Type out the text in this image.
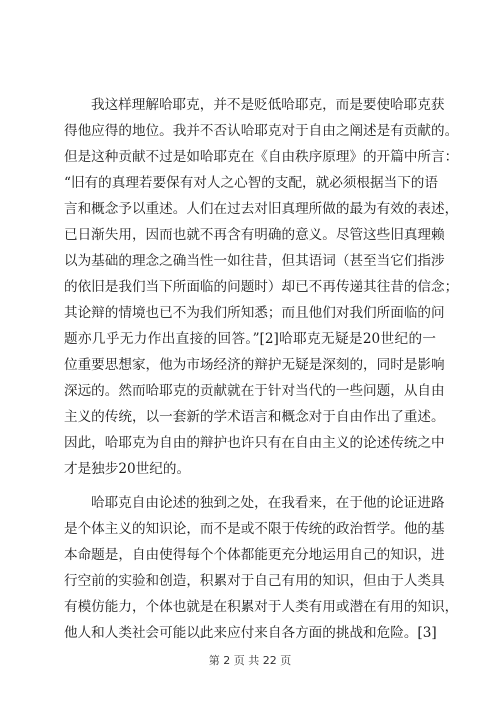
我这样理解哈耶克，并不是贬低哈耶克，而是要使哈耶克获
得他应得的地位。我并不否认哈耶克对于自由之阐述是有贡献的。
但是这种贡献不过是如哈耶克在《自由秩序原理》的开篇中所言：
“旧有的真理若要保有对人之心智的支配，就必须根据当下的语
言和概念予以重述。人们在过去对旧真理所做的最为有效的表述，
已日渐失用，因而也就不再含有明确的意义。尽管这些旧真理赖
以为基础的理念之确当性一如往昔，但其语词（甚至当它们指涉
的依旧是我们当下所面临的问题时）却已不再传递其往昔的信念；
其论辩的情境也已不为我们所知悉；而且他们对我们所面临的问
题亦几乎无力作出直接的回答。”[2]哈耶克无疑是20世纪的一
位重要思想家，他为市场经济的辩护无疑是深刻的，同时是影响
深远的。然而哈耶克的贡献就在于针对当代的一些问题，从自由
主义的传统，以一套新的学术语言和概念对于自由作出了重述。
因此，哈耶克为自由的辩护也许只有在自由主义的论述传统之中
才是独步20世纪的。
哈耶克自由论述的独到之处，在我看来，在于他的论证进路
是个体主义的知识论，而不是或不限于传统的政治哲学。他的基
本命题是，自由使得每个个体都能更充分地运用自己的知识，进
行空前的实验和创造，积累对于自己有用的知识，但由于人类具
有模仿能力，个体也就是在积累对于人类有用或潜在有用的知识，
他人和人类社会可能以此来应付来自各方面的挑战和危险。[3]
第 2 页 共 22 页
